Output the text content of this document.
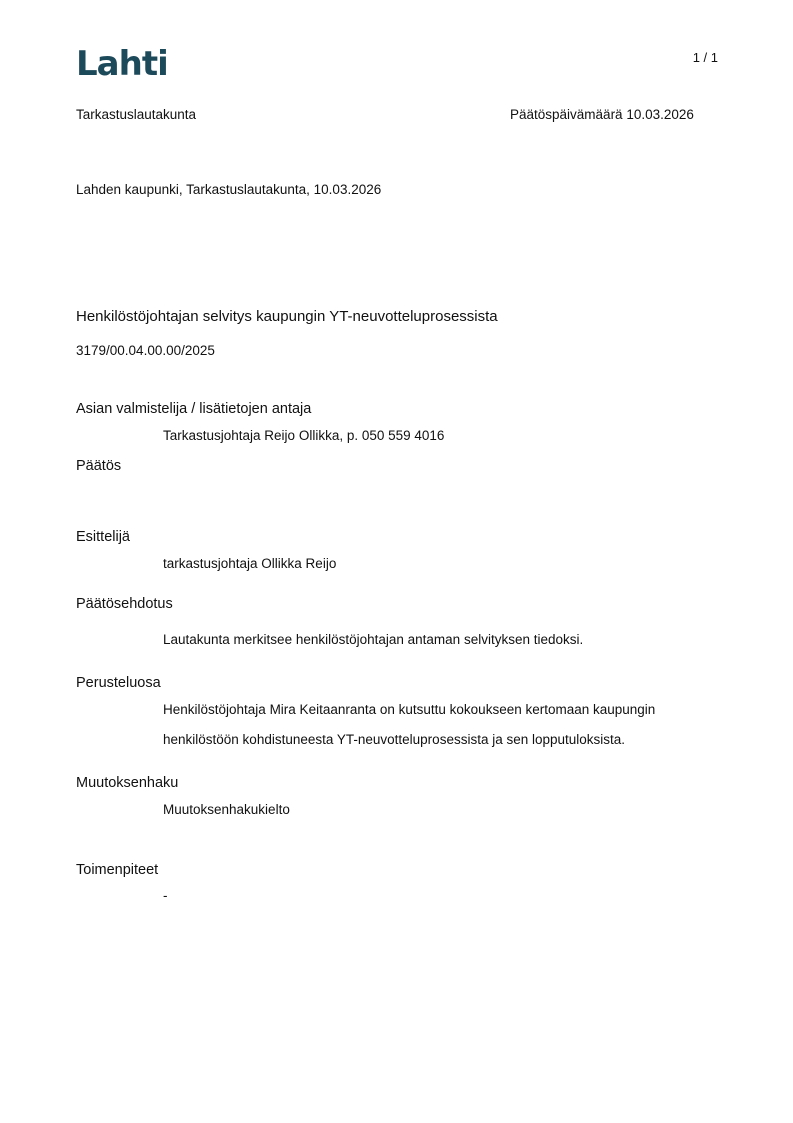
Lahti	1 / 1
Tarkastuslautakunta	Päätöspäivämäärä 10.03.2026
Lahden kaupunki, Tarkastuslautakunta, 10.03.2026
Henkilöstöjohtajan selvitys kaupungin YT-neuvotteluprosessista
3179/00.04.00.00/2025
Asian valmistelija / lisätietojen antaja
Tarkastusjohtaja Reijo Ollikka, p. 050 559 4016
Päätös
Esittelijä
tarkastusjohtaja Ollikka Reijo
Päätösehdotus
Lautakunta merkitsee henkilöstöjohtajan antaman selvityksen tiedoksi.
Perusteluosa
Henkilöstöjohtaja Mira Keitaanranta on kutsuttu kokoukseen kertomaan kaupungin
henkilöstöön kohdistuneesta YT-neuvotteluprosessista ja sen lopputuloksista.
Muutoksenhaku
Muutoksenhakukielto
Toimenpiteet
-
